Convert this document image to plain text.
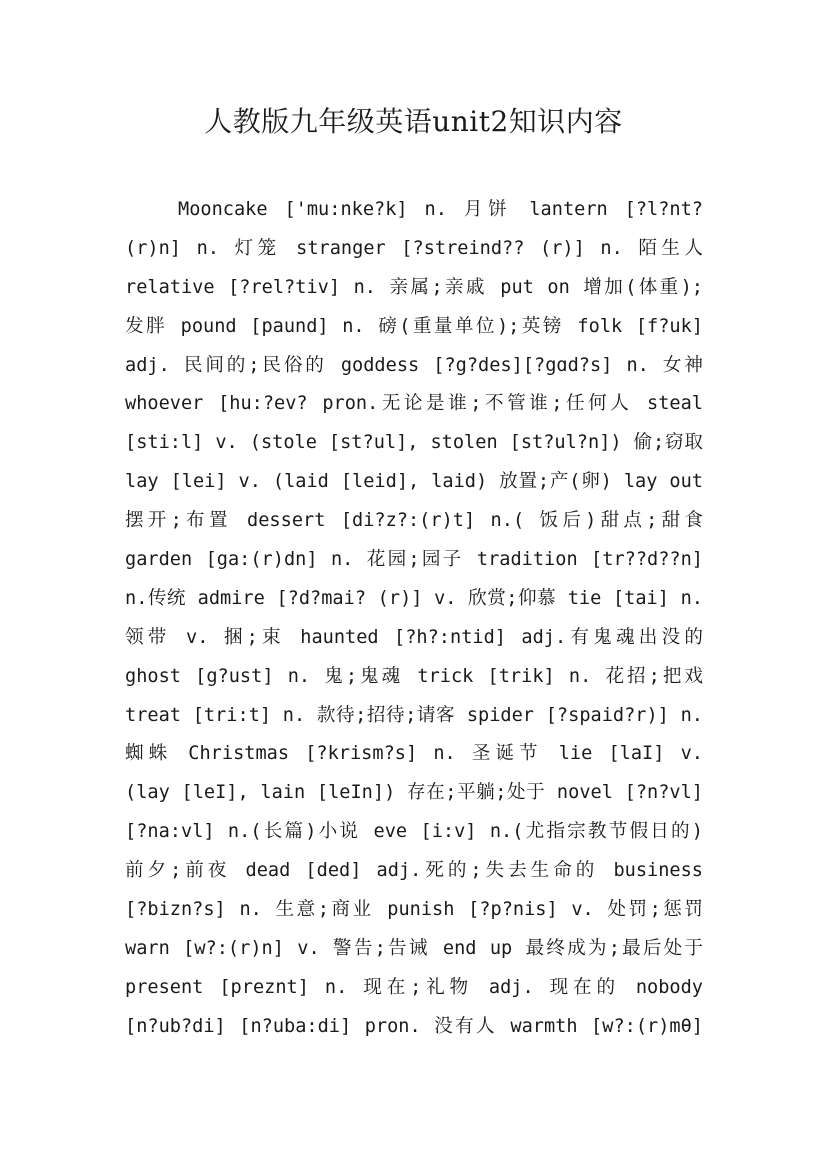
人教版九年级英语unit2知识内容
Mooncake ['mu:nke?k] n. 月饼 lantern [?l?nt?
(r)n] n. 灯笼 stranger [?streind?? (r)] n. 陌生人
relative [?rel?tiv] n. 亲属;亲戚 put on 增加(体重);
发胖 pound [paund] n. 磅(重量单位);英镑 folk [f?uk]
adj. 民间的;民俗的 goddess [?g?des][?gɑd?s] n. 女神
whoever [hu:?ev? pron.无论是谁;不管谁;任何人 steal
[sti:l] v. (stole [st?ul], stolen [st?ul?n]) 偷;窃取
lay [lei] v. (laid [leid], laid) 放置;产(卵) lay out
摆开;布置 dessert [di?z?:(r)t] n.( 饭后)甜点;甜食
garden [ga:(r)dn] n. 花园;园子 tradition [tr??d??n]
n.传统 admire [?d?mai? (r)] v. 欣赏;仰慕 tie [tai] n.
领带 v. 捆;束 haunted [?h?:ntid] adj.有鬼魂出没的
ghost [g?ust] n. 鬼;鬼魂 trick [trik] n. 花招;把戏
treat [tri:t] n. 款待;招待;请客 spider [?spaid?r)] n.
蜘蛛 Christmas [?krism?s] n. 圣诞节 lie [laI] v.
(lay [leI], lain [leIn]) 存在;平躺;处于 novel [?n?vl]
[?na:vl] n.(长篇)小说 eve [i:v] n.(尤指宗教节假日的)
前夕;前夜 dead [ded] adj.死的;失去生命的 business
[?bizn?s] n. 生意;商业 punish [?p?nis] v. 处罚;惩罚
warn [w?:(r)n] v. 警告;告诫 end up 最终成为;最后处于
present [preznt] n. 现在;礼物 adj. 现在的 nobody
[n?ub?di] [n?uba:di] pron. 没有人 warmth [w?:(r)mθ]
